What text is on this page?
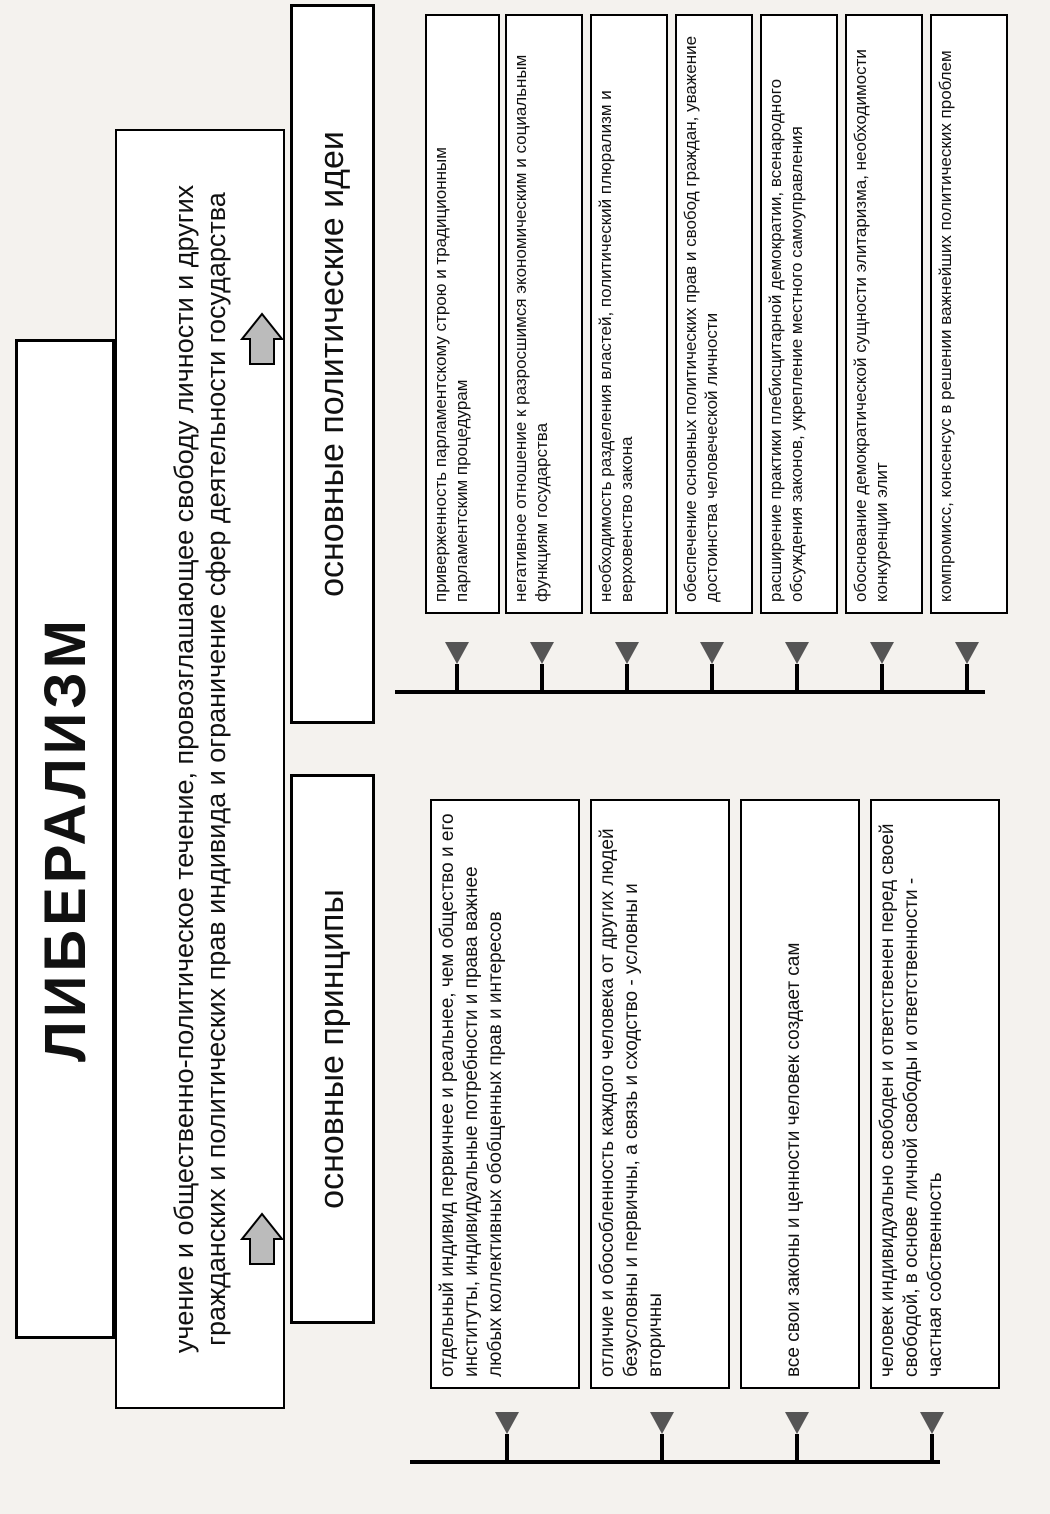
ЛИБЕРАЛИЗМ	учение и общественно-политическое течение, провозглашающее свободу личности и других гражданских и политических прав индивида и ограничение сфер деятельности государства основные принципы
основные политические идеи
отдельный индивид первичнее и реальнее, чем общество и его институты, индивидуальные потребности и права важнее любых коллективных обобщенных прав и интересов	отличие и обособленность каждого человека от других людей безусловны и первичны, а связь и сходство - условны и вторичны	все свои законы и ценности человек создает сам	человек индивидуально свободен и ответственен перед своей свободой, в основе личной свободы и ответственности - частная собственность
приверженность парламентскому строю и традиционным парламентским процедурам	негативное отношение к разросшимся экономическим и социальным функциям государства	необходимость разделения властей, политический плюрализм и верховенство закона	обеспечение основных политических прав и свобод граждан, уважение достоинства человеческой личности	расширение практики плебисцитарной демократии, всенародного обсуждения законов, укрепление местного самоуправления	обоснование демократической сущности элитаризма, необходимости конкуренции элит	компромисс, консенсус в решении важнейших политических проблем
